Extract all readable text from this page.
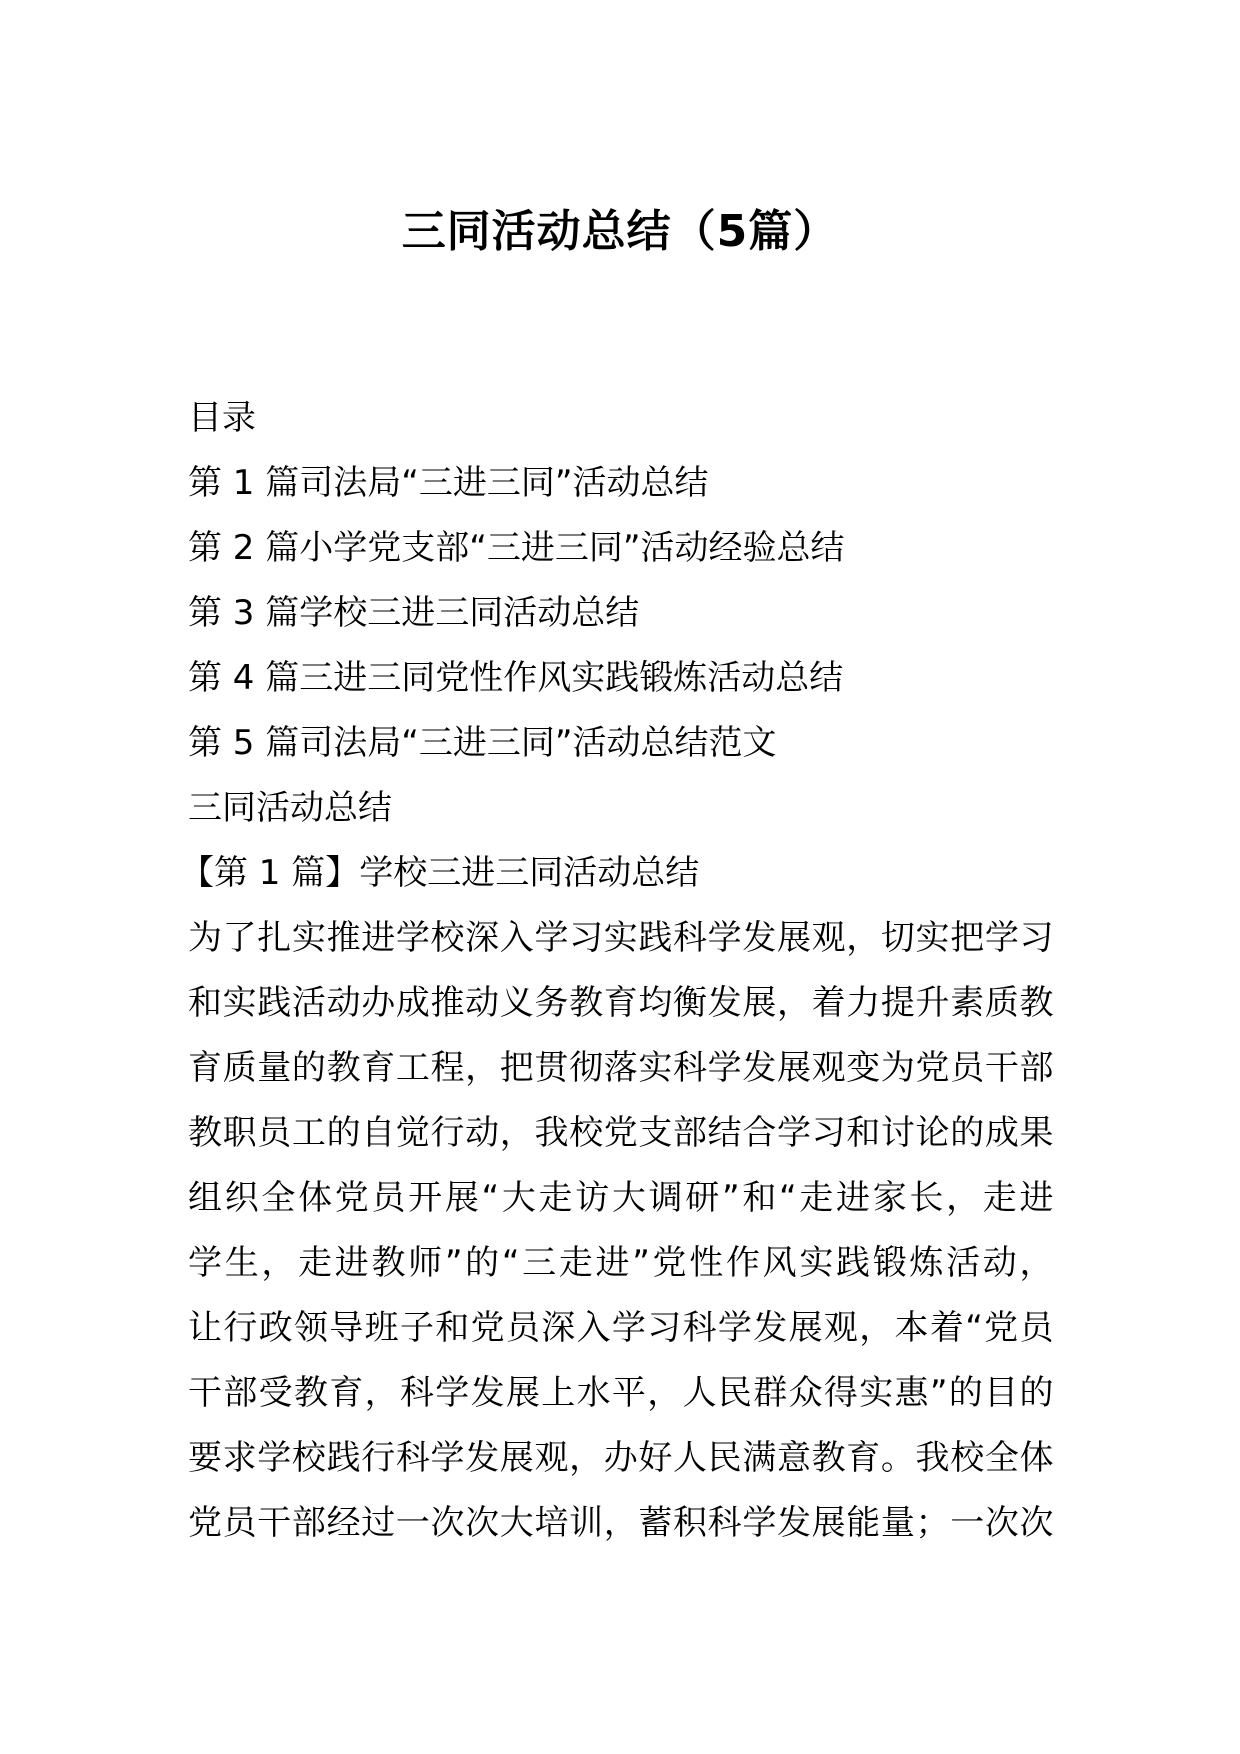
三同活动总结（5篇）

目录

第 1 篇司法局“三进三同”活动总结
第 2 篇小学党支部“三进三同”活动经验总结
第 3 篇学校三进三同活动总结
第 4 篇三进三同党性作风实践锻炼活动总结
第 5 篇司法局“三进三同”活动总结范文

三同活动总结

【第 1 篇】学校三进三同活动总结

为了扎实推进学校深入学习实践科学发展观，切实把学习
和实践活动办成推动义务教育均衡发展，着力提升素质教
育质量的教育工程，把贯彻落实科学发展观变为党员干部
教职员工的自觉行动，我校党支部结合学习和讨论的成果
组织全体党员开展“大走访大调研”和“走进家长，走进
学生，走进教师”的“三走进”党性作风实践锻炼活动，
让行政领导班子和党员深入学习科学发展观，本着“党员
干部受教育，科学发展上水平，人民群众得实惠”的目的
要求学校践行科学发展观，办好人民满意教育。我校全体
党员干部经过一次次大培训，蓄积科学发展能量；一次次
